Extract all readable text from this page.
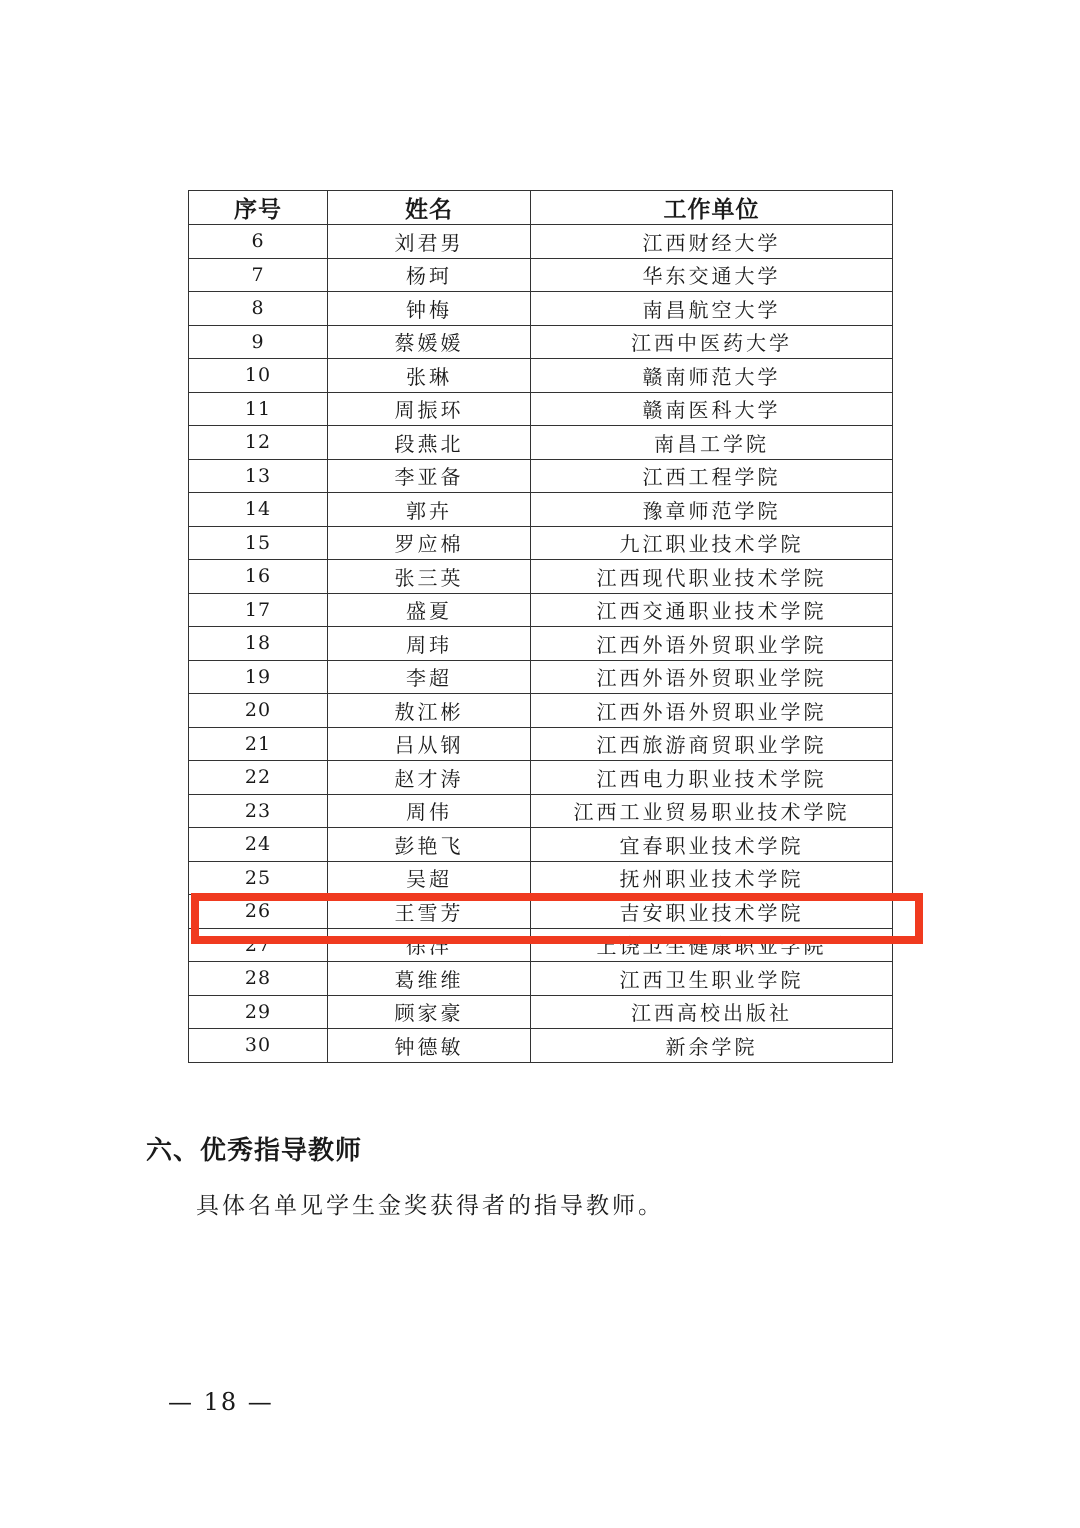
序号	姓名	工作单位
6	刘君男	江西财经大学
7	杨珂	华东交通大学
8	钟梅	南昌航空大学
9	蔡媛媛	江西中医药大学
10	张琳	赣南师范大学
11	周振环	赣南医科大学
12	段燕北	南昌工学院
13	李亚备	江西工程学院
14	郭卉	豫章师范学院
15	罗应棉	九江职业技术学院
16	张三英	江西现代职业技术学院
17	盛夏	江西交通职业技术学院
18	周玮	江西外语外贸职业学院
19	李超	江西外语外贸职业学院
20	敖江彬	江西外语外贸职业学院
21	吕从钢	江西旅游商贸职业学院
22	赵才涛	江西电力职业技术学院
23	周伟	江西工业贸易职业技术学院
24	彭艳飞	宜春职业技术学院
25	吴超	抚州职业技术学院
26	王雪芳	吉安职业技术学院
27	徐洋	上饶卫生健康职业学院
28	葛维维	江西卫生职业学院
29	顾家豪	江西高校出版社
30	钟德敏	新余学院
六、优秀指导教师
具体名单见学生金奖获得者的指导教师。
— 18 —
